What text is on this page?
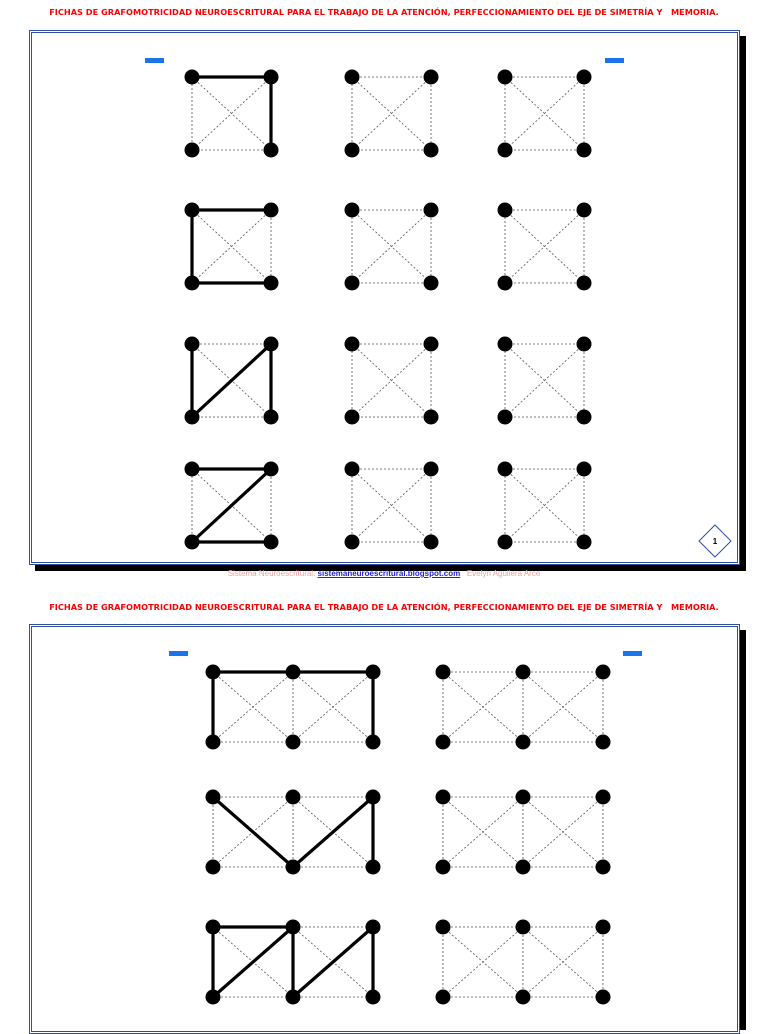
FICHAS DE GRAFOMOTRICIDAD NEUROESCRITURAL PARA EL TRABAJO DE LA ATENCIÓN, PERFECCIONAMIENTO DEL EJE DE SIMETRÍA Y   MEMORIA.
1
Sistema Neuroescritural: sistemaneuroescritural.blogspot.com   Evelyn Aguilera Arce
FICHAS DE GRAFOMOTRICIDAD NEUROESCRITURAL PARA EL TRABAJO DE LA ATENCIÓN, PERFECCIONAMIENTO DEL EJE DE SIMETRÍA Y   MEMORIA.
